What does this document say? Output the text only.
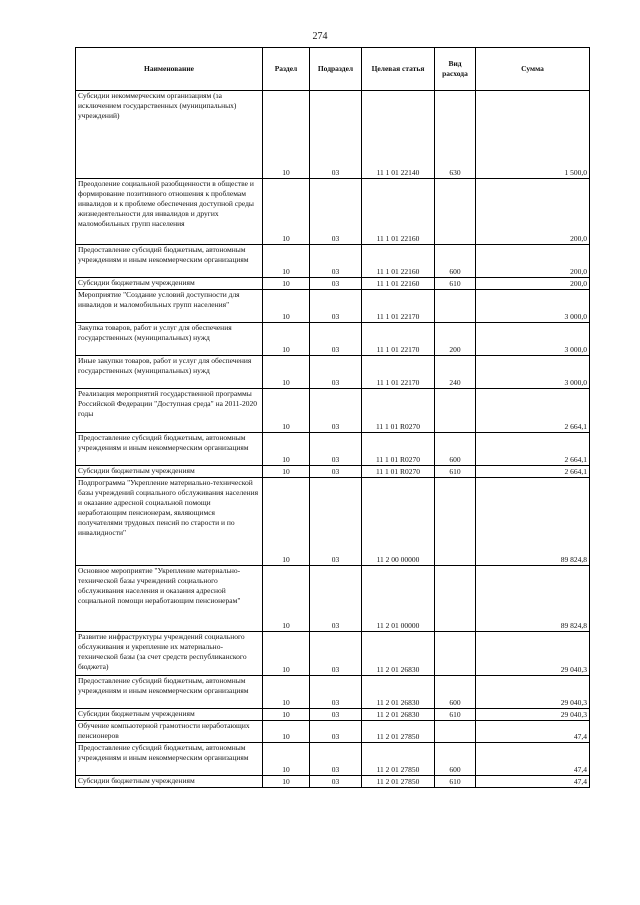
274
Наименование	Раздел	Подраздел	Целевая статья	Вид расхода	Сумма
Субсидии некоммерческим организациям (за исключением государственных (муниципальных) учреждений)	10	03	11 1 01 22140	630	1 500,0
Преодоление социальной разобщенности в обществе и формирование позитивного отношения к проблемам инвалидов и к проблеме обеспечения доступной среды жизнедеятельности для инвалидов и других маломобильных групп населения	10	03	11 1 01 22160		200,0
Предоставление субсидий бюджетным, автономным учреждениям и иным некоммерческим организациям	10	03	11 1 01 22160	600	200,0
Субсидии бюджетным учреждениям	10	03	11 1 01 22160	610	200,0
Мероприятие "Создание условий доступности для инвалидов и маломобильных групп населения"	10	03	11 1 01 22170		3 000,0
Закупка товаров, работ и услуг для обеспечения государственных (муниципальных) нужд	10	03	11 1 01 22170	200	3 000,0
Иные закупки товаров, работ и услуг для обеспечения государственных (муниципальных) нужд	10	03	11 1 01 22170	240	3 000,0
Реализация мероприятий государственной программы Российской Федерации "Доступная среда" на 2011-2020 годы	10	03	11 1 01 R0270		2 664,1
Предоставление субсидий бюджетным, автономным учреждениям и иным некоммерческим организациям	10	03	11 1 01 R0270	600	2 664,1
Субсидии бюджетным учреждениям	10	03	11 1 01 R0270	610	2 664,1
Подпрограмма "Укрепление материально-технической базы учреждений социального обслуживания населения и оказание адресной социальной помощи неработающим пенсионерам, являющимся получателями трудовых пенсий по старости и по инвалидности"	10	03	11 2 00 00000		89 824,8
Основное мероприятие "Укрепление материально-технической базы учреждений социального обслуживания населения и оказания адресной социальной помощи неработающим пенсионерам"	10	03	11 2 01 00000		89 824,8
Развитие инфраструктуры учреждений социального обслуживания и укрепление их материально-технической базы (за счет средств республиканского бюджета)	10	03	11 2 01 26830		29 040,3
Предоставление субсидий бюджетным, автономным учреждениям и иным некоммерческим организациям	10	03	11 2 01 26830	600	29 040,3
Субсидии бюджетным учреждениям	10	03	11 2 01 26830	610	29 040,3
Обучение компьютерной грамотности неработающих пенсионеров	10	03	11 2 01 27850		47,4
Предоставление субсидий бюджетным, автономным учреждениям и иным некоммерческим организациям	10	03	11 2 01 27850	600	47,4
Субсидии бюджетным учреждениям	10	03	11 2 01 27850	610	47,4
